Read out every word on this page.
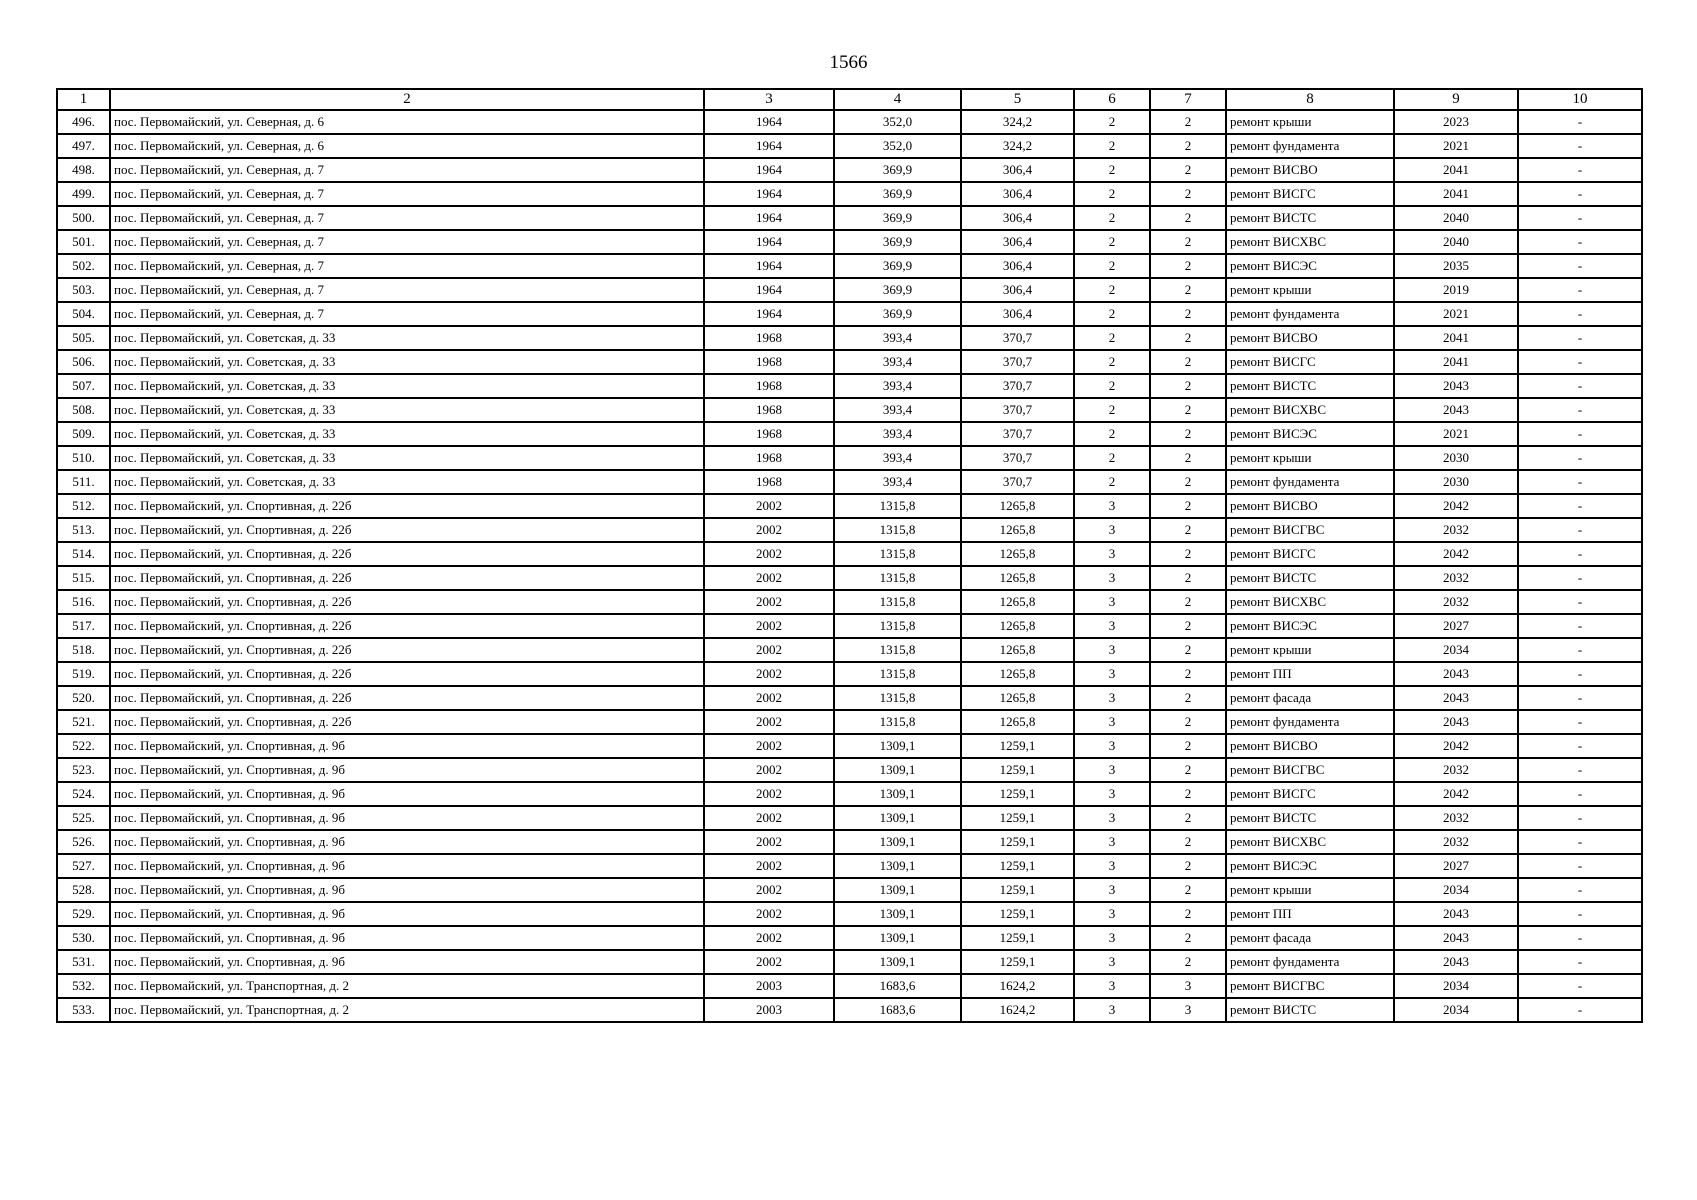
1566
1	2	3	4	5	6	7	8	9	10
496.	пос. Первомайский, ул. Северная, д. 6	1964	352,0	324,2	2	2	ремонт крыши	2023	-
497.	пос. Первомайский, ул. Северная, д. 6	1964	352,0	324,2	2	2	ремонт фундамента	2021	-
498.	пос. Первомайский, ул. Северная, д. 7	1964	369,9	306,4	2	2	ремонт ВИСВО	2041	-
499.	пос. Первомайский, ул. Северная, д. 7	1964	369,9	306,4	2	2	ремонт ВИСГС	2041	-
500.	пос. Первомайский, ул. Северная, д. 7	1964	369,9	306,4	2	2	ремонт ВИСТС	2040	-
501.	пос. Первомайский, ул. Северная, д. 7	1964	369,9	306,4	2	2	ремонт ВИСХВС	2040	-
502.	пос. Первомайский, ул. Северная, д. 7	1964	369,9	306,4	2	2	ремонт ВИСЭС	2035	-
503.	пос. Первомайский, ул. Северная, д. 7	1964	369,9	306,4	2	2	ремонт крыши	2019	-
504.	пос. Первомайский, ул. Северная, д. 7	1964	369,9	306,4	2	2	ремонт фундамента	2021	-
505.	пос. Первомайский, ул. Советская, д. 33	1968	393,4	370,7	2	2	ремонт ВИСВО	2041	-
506.	пос. Первомайский, ул. Советская, д. 33	1968	393,4	370,7	2	2	ремонт ВИСГС	2041	-
507.	пос. Первомайский, ул. Советская, д. 33	1968	393,4	370,7	2	2	ремонт ВИСТС	2043	-
508.	пос. Первомайский, ул. Советская, д. 33	1968	393,4	370,7	2	2	ремонт ВИСХВС	2043	-
509.	пос. Первомайский, ул. Советская, д. 33	1968	393,4	370,7	2	2	ремонт ВИСЭС	2021	-
510.	пос. Первомайский, ул. Советская, д. 33	1968	393,4	370,7	2	2	ремонт крыши	2030	-
511.	пос. Первомайский, ул. Советская, д. 33	1968	393,4	370,7	2	2	ремонт фундамента	2030	-
512.	пос. Первомайский, ул. Спортивная, д. 22б	2002	1315,8	1265,8	3	2	ремонт ВИСВО	2042	-
513.	пос. Первомайский, ул. Спортивная, д. 22б	2002	1315,8	1265,8	3	2	ремонт ВИСГВС	2032	-
514.	пос. Первомайский, ул. Спортивная, д. 22б	2002	1315,8	1265,8	3	2	ремонт ВИСГС	2042	-
515.	пос. Первомайский, ул. Спортивная, д. 22б	2002	1315,8	1265,8	3	2	ремонт ВИСТС	2032	-
516.	пос. Первомайский, ул. Спортивная, д. 22б	2002	1315,8	1265,8	3	2	ремонт ВИСХВС	2032	-
517.	пос. Первомайский, ул. Спортивная, д. 22б	2002	1315,8	1265,8	3	2	ремонт ВИСЭС	2027	-
518.	пос. Первомайский, ул. Спортивная, д. 22б	2002	1315,8	1265,8	3	2	ремонт крыши	2034	-
519.	пос. Первомайский, ул. Спортивная, д. 22б	2002	1315,8	1265,8	3	2	ремонт ПП	2043	-
520.	пос. Первомайский, ул. Спортивная, д. 22б	2002	1315,8	1265,8	3	2	ремонт фасада	2043	-
521.	пос. Первомайский, ул. Спортивная, д. 22б	2002	1315,8	1265,8	3	2	ремонт фундамента	2043	-
522.	пос. Первомайский, ул. Спортивная, д. 9б	2002	1309,1	1259,1	3	2	ремонт ВИСВО	2042	-
523.	пос. Первомайский, ул. Спортивная, д. 9б	2002	1309,1	1259,1	3	2	ремонт ВИСГВС	2032	-
524.	пос. Первомайский, ул. Спортивная, д. 9б	2002	1309,1	1259,1	3	2	ремонт ВИСГС	2042	-
525.	пос. Первомайский, ул. Спортивная, д. 9б	2002	1309,1	1259,1	3	2	ремонт ВИСТС	2032	-
526.	пос. Первомайский, ул. Спортивная, д. 9б	2002	1309,1	1259,1	3	2	ремонт ВИСХВС	2032	-
527.	пос. Первомайский, ул. Спортивная, д. 9б	2002	1309,1	1259,1	3	2	ремонт ВИСЭС	2027	-
528.	пос. Первомайский, ул. Спортивная, д. 9б	2002	1309,1	1259,1	3	2	ремонт крыши	2034	-
529.	пос. Первомайский, ул. Спортивная, д. 9б	2002	1309,1	1259,1	3	2	ремонт ПП	2043	-
530.	пос. Первомайский, ул. Спортивная, д. 9б	2002	1309,1	1259,1	3	2	ремонт фасада	2043	-
531.	пос. Первомайский, ул. Спортивная, д. 9б	2002	1309,1	1259,1	3	2	ремонт фундамента	2043	-
532.	пос. Первомайский, ул. Транспортная, д. 2	2003	1683,6	1624,2	3	3	ремонт ВИСГВС	2034	-
533.	пос. Первомайский, ул. Транспортная, д. 2	2003	1683,6	1624,2	3	3	ремонт ВИСТС	2034	-
